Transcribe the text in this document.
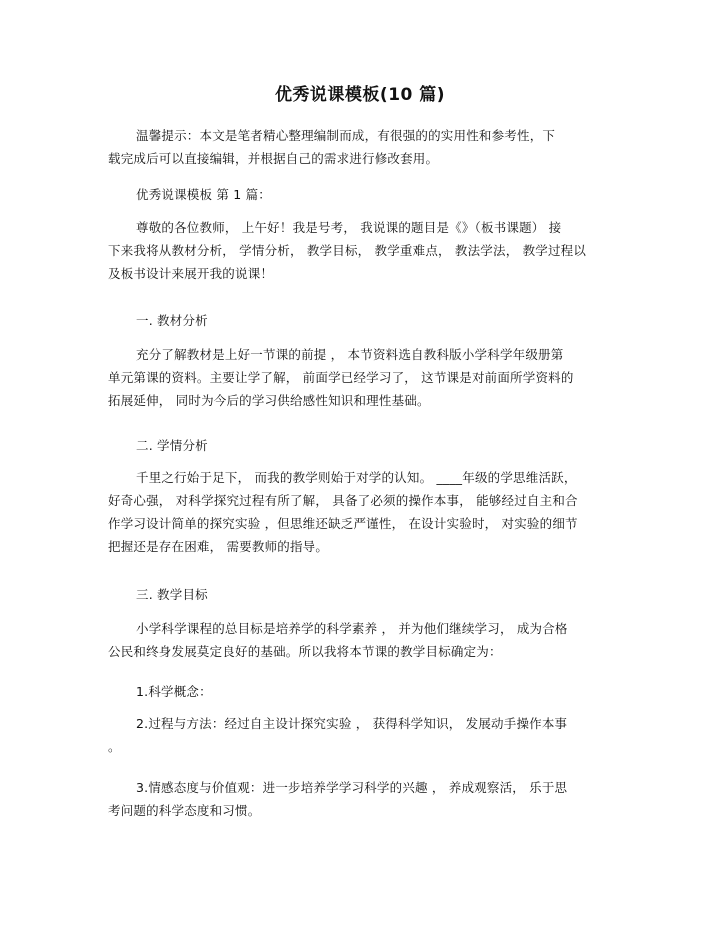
优秀说课模板(10 篇)
温馨提示：本文是笔者精心整理编制而成，有很强的的实用性和参考性，下
载完成后可以直接编辑，并根据自己的需求进行修改套用。
优秀说课模板 第 1 篇：
尊敬的各位教师， 上午好！我是号考， 我说课的题目是《》（板书课题） 接
下来我将从教材分析， 学情分析， 教学目标， 教学重难点， 教法学法， 教学过程以
及板书设计来展开我的说课！
一. 教材分析
充分了解教材是上好一节课的前提 ， 本节资料选自教科版小学科学年级册第
单元第课的资料。主要让学了解， 前面学已经学习了， 这节课是对前面所学资料的
拓展延伸， 同时为今后的学习供给感性知识和理性基础。
二. 学情分析
千里之行始于足下， 而我的教学则始于对学的认知。 ____年级的学思维活跃，
好奇心强， 对科学探究过程有所了解， 具备了必须的操作本事， 能够经过自主和合
作学习设计简单的探究实验 ，但思维还缺乏严谨性， 在设计实验时， 对实验的细节
把握还是存在困难， 需要教师的指导。
三. 教学目标
小学科学课程的总目标是培养学的科学素养 ， 并为他们继续学习， 成为合格
公民和终身发展莫定良好的基础。所以我将本节课的教学目标确定为：
1.科学概念：
2.过程与方法：经过自主设计探究实验 ， 获得科学知识， 发展动手操作本事
。
3.情感态度与价值观：进一步培养学学习科学的兴趣 ， 养成观察活， 乐于思
考问题的科学态度和习惯。
